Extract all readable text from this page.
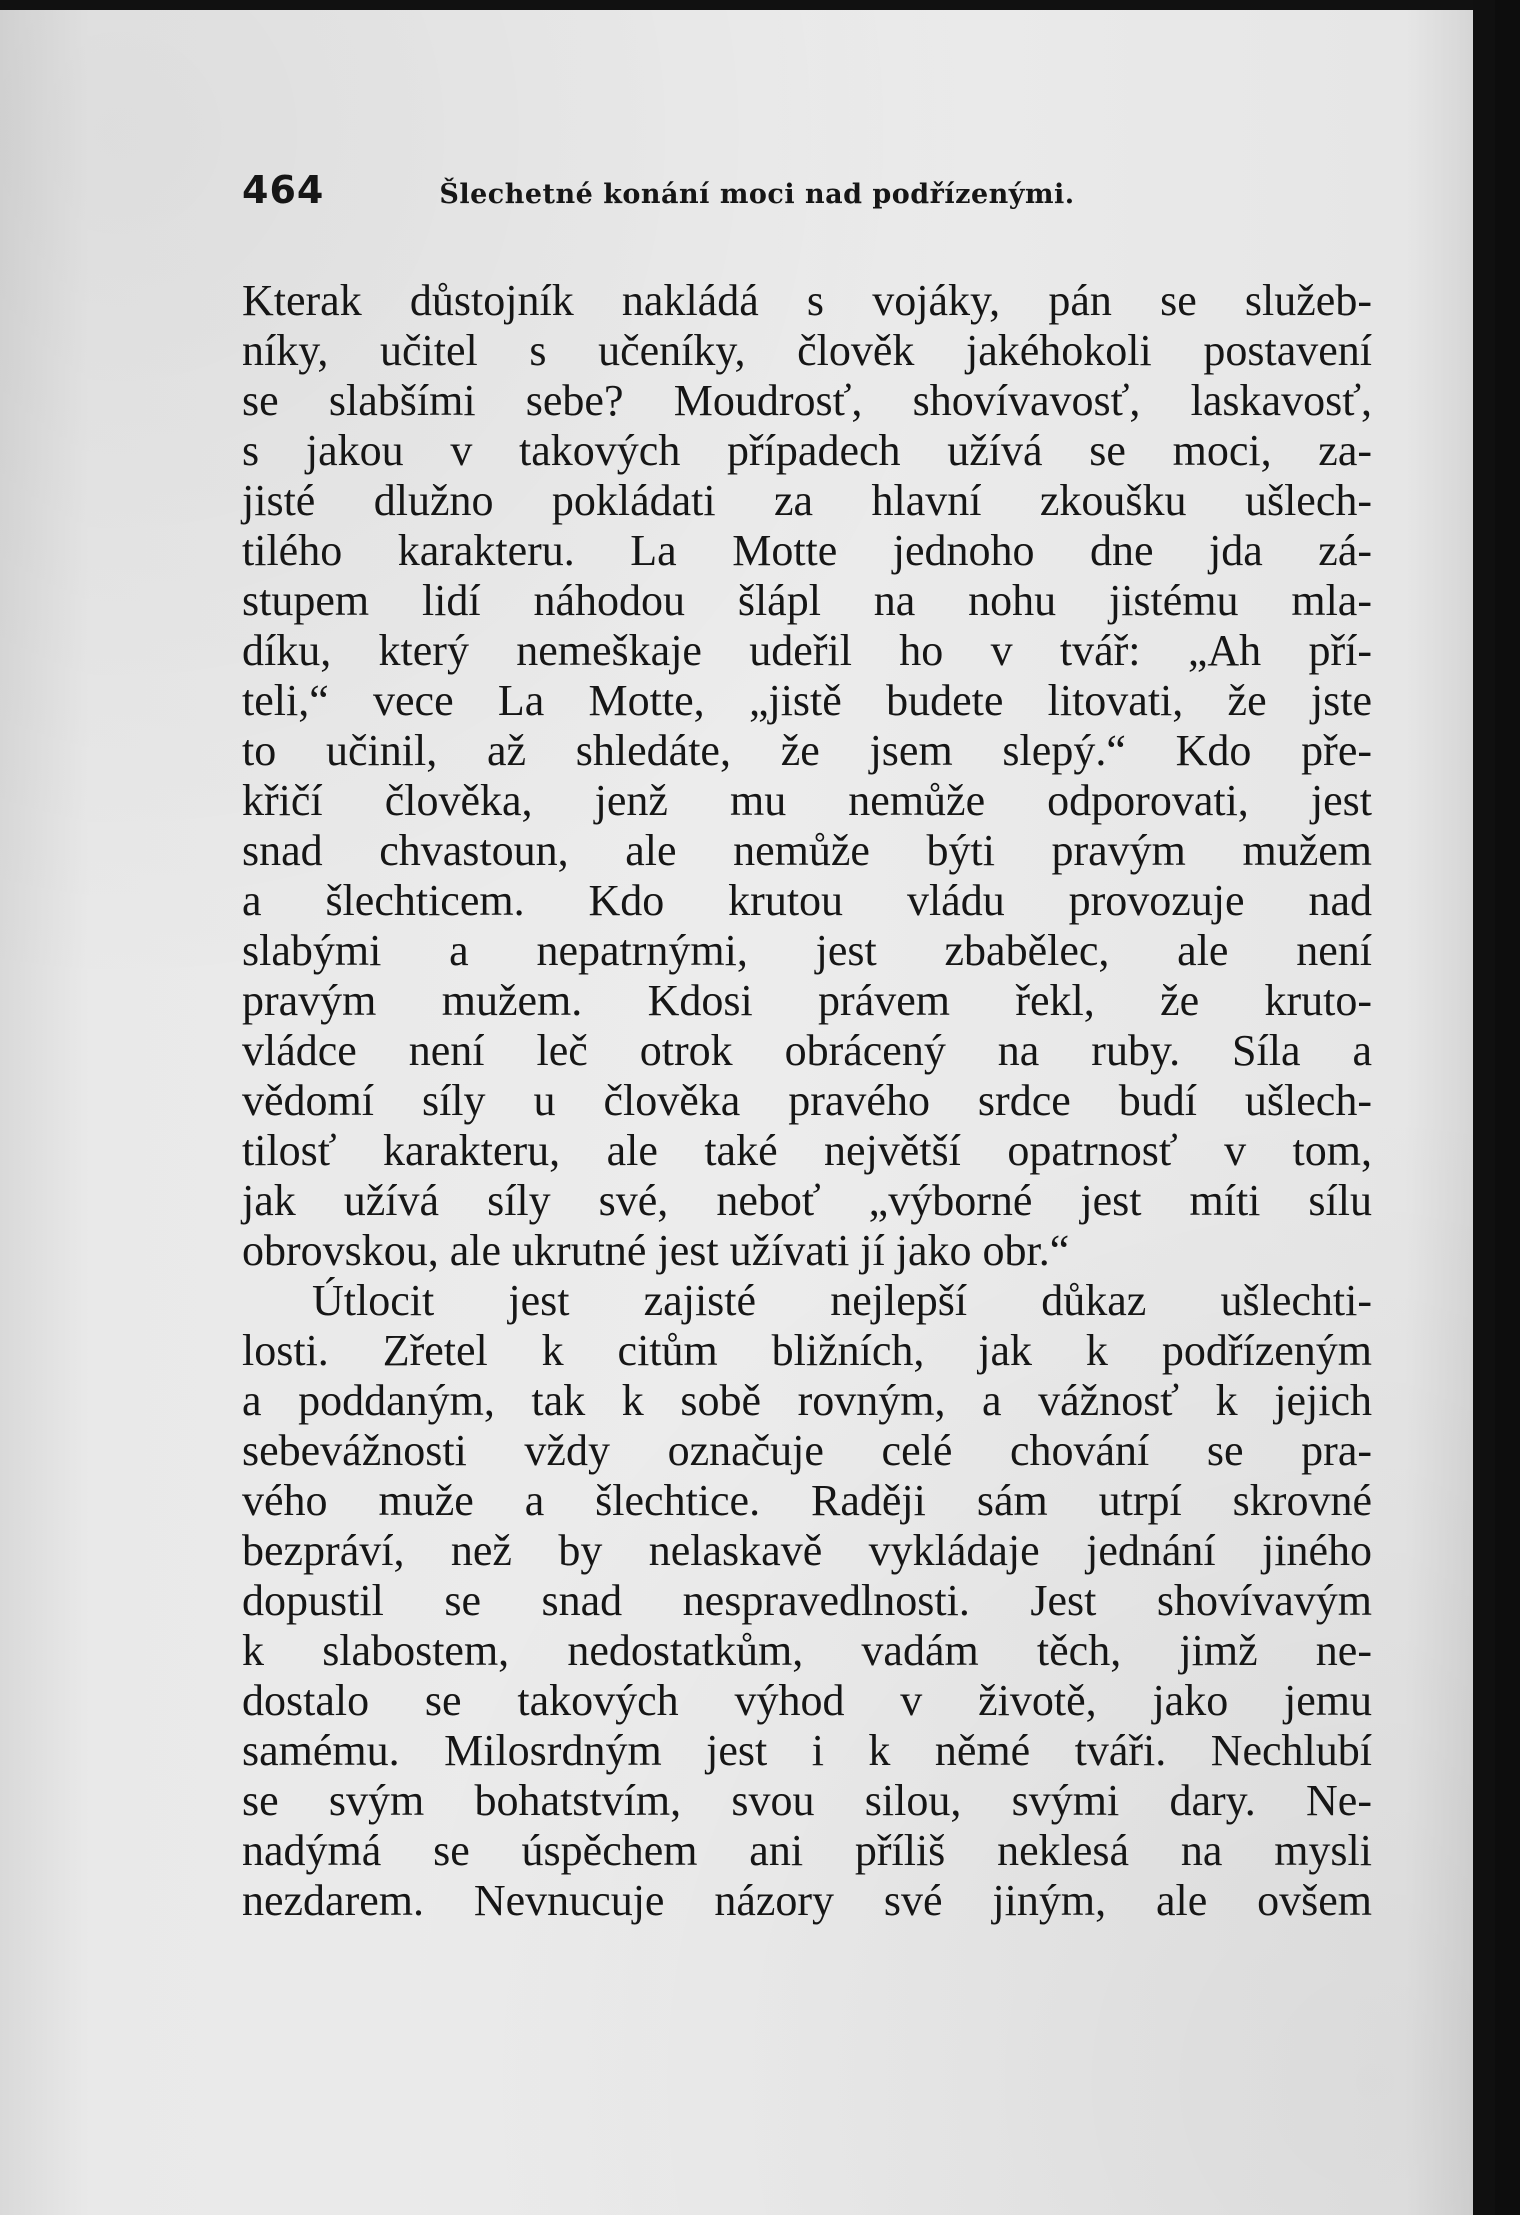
464	Šlechetné konání moci nad podřízenými.
Kterak důstojník nakládá s vojáky, pán se služeb-
níky, učitel s učeníky, člověk jakéhokoli postavení
se slabšími sebe? Moudrosť, shovívavosť, laskavosť,
s jakou v takových případech užívá se moci, za-
jisté dlužno pokládati za hlavní zkoušku ušlech-
tilého karakteru. La Motte jednoho dne jda zá-
stupem lidí náhodou šlápl na nohu jistému mla-
díku, který nemeškaje udeřil ho v tvář: „Ah pří-
teli,“ vece La Motte, „jistě budete litovati, že jste
to učinil, až shledáte, že jsem slepý.“ Kdo pře-
křičí člověka, jenž mu nemůže odporovati, jest
snad chvastoun, ale nemůže býti pravým mužem
a šlechticem. Kdo krutou vládu provozuje nad
slabými a nepatrnými, jest zbabělec, ale není
pravým mužem. Kdosi právem řekl, že kruto-
vládce není leč otrok obrácený na ruby. Síla a
vědomí síly u člověka pravého srdce budí ušlech-
tilosť karakteru, ale také největší opatrnosť v tom,
jak užívá síly své, neboť „výborné jest míti sílu
obrovskou, ale ukrutné jest užívati jí jako obr.“
Útlocit jest zajisté nejlepší důkaz ušlechti-
losti. Zřetel k citům bližních, jak k podřízeným
a poddaným, tak k sobě rovným, a vážnosť k jejich
sebevážnosti vždy označuje celé chování se pra-
vého muže a šlechtice. Raději sám utrpí skrovné
bezpráví, než by nelaskavě vykládaje jednání jiného
dopustil se snad nespravedlnosti. Jest shovívavým
k slabostem, nedostatkům, vadám těch, jimž ne-
dostalo se takových výhod v životě, jako jemu
samému. Milosrdným jest i k němé tváři. Nechlubí
se svým bohatstvím, svou silou, svými dary. Ne-
nadýmá se úspěchem ani příliš neklesá na mysli
nezdarem. Nevnucuje názory své jiným, ale ovšem
